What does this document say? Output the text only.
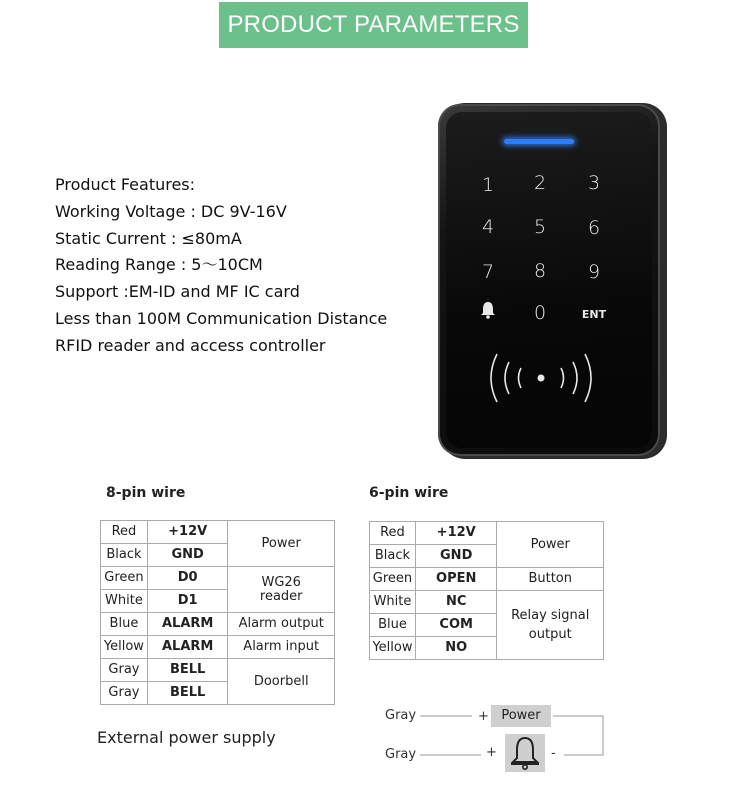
PRODUCT PARAMETERS
Product Features:
Working Voltage : DC 9V-16V
Static Current : ≤80mA
Reading Range : 5～10CM
Support :EM-ID and MF IC card
Less than 100M Communication Distance
RFID reader and access controller
1	2	3
4	5	6
7	8	9
0	ENT
8-pin wire
Red	+12V	Power
Black	GND	
Green	D0	WG26 reader
White	D1	
Blue	ALARM	Alarm output
Yellow	ALARM	Alarm input
Gray	BELL	Doorbell
Gray	BELL	
6-pin wire
Red	+12V	Power
Black	GND	
Green	OPEN	Button
White	NC	Relay signal output
Blue	COM	
Yellow	NO	
External power supply
Gray
Gray
+
+	-
Power
